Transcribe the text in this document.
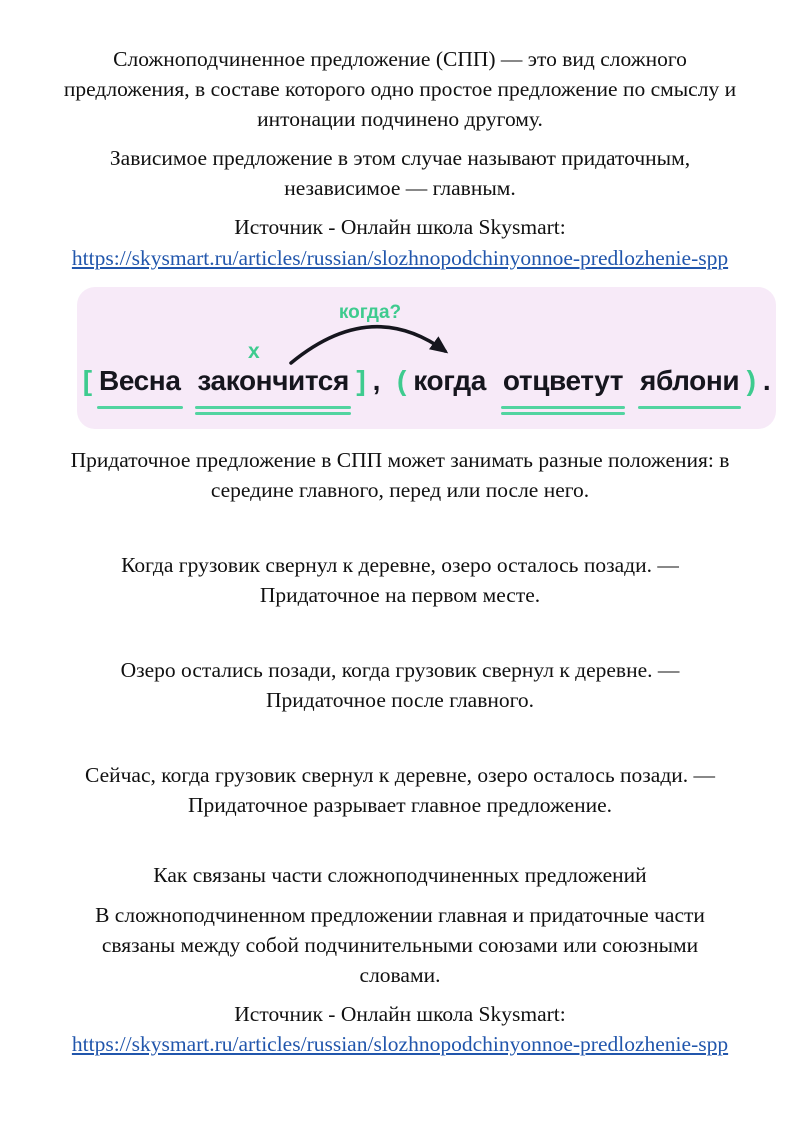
Сложноподчиненное предложение (СПП) — это вид сложного предложения, в составе которого одно простое предложение по смыслу и интонации подчинено другому.

Зависимое предложение в этом случае называют придаточным, независимое — главным.

Источник - Онлайн школа Skysmart:

https://skysmart.ru/articles/russian/slozhnopodchinyonnoe-predlozhenie-spp

когда?
х
[ Весна закончится ] , ( когда отцветут яблони ) .

Придаточное предложение в СПП может занимать разные положения: в середине главного, перед или после него.

Когда грузовик свернул к деревне, озеро осталось позади. — Придаточное на первом месте.

Озеро остались позади, когда грузовик свернул к деревне. — Придаточное после главного.

Сейчас, когда грузовик свернул к деревне, озеро осталось позади. — Придаточное разрывает главное предложение.

Как связаны части сложноподчиненных предложений

В сложноподчиненном предложении главная и придаточные части связаны между собой подчинительными союзами или союзными словами.

Источник - Онлайн школа Skysmart:

https://skysmart.ru/articles/russian/slozhnopodchinyonnoe-predlozhenie-spp
